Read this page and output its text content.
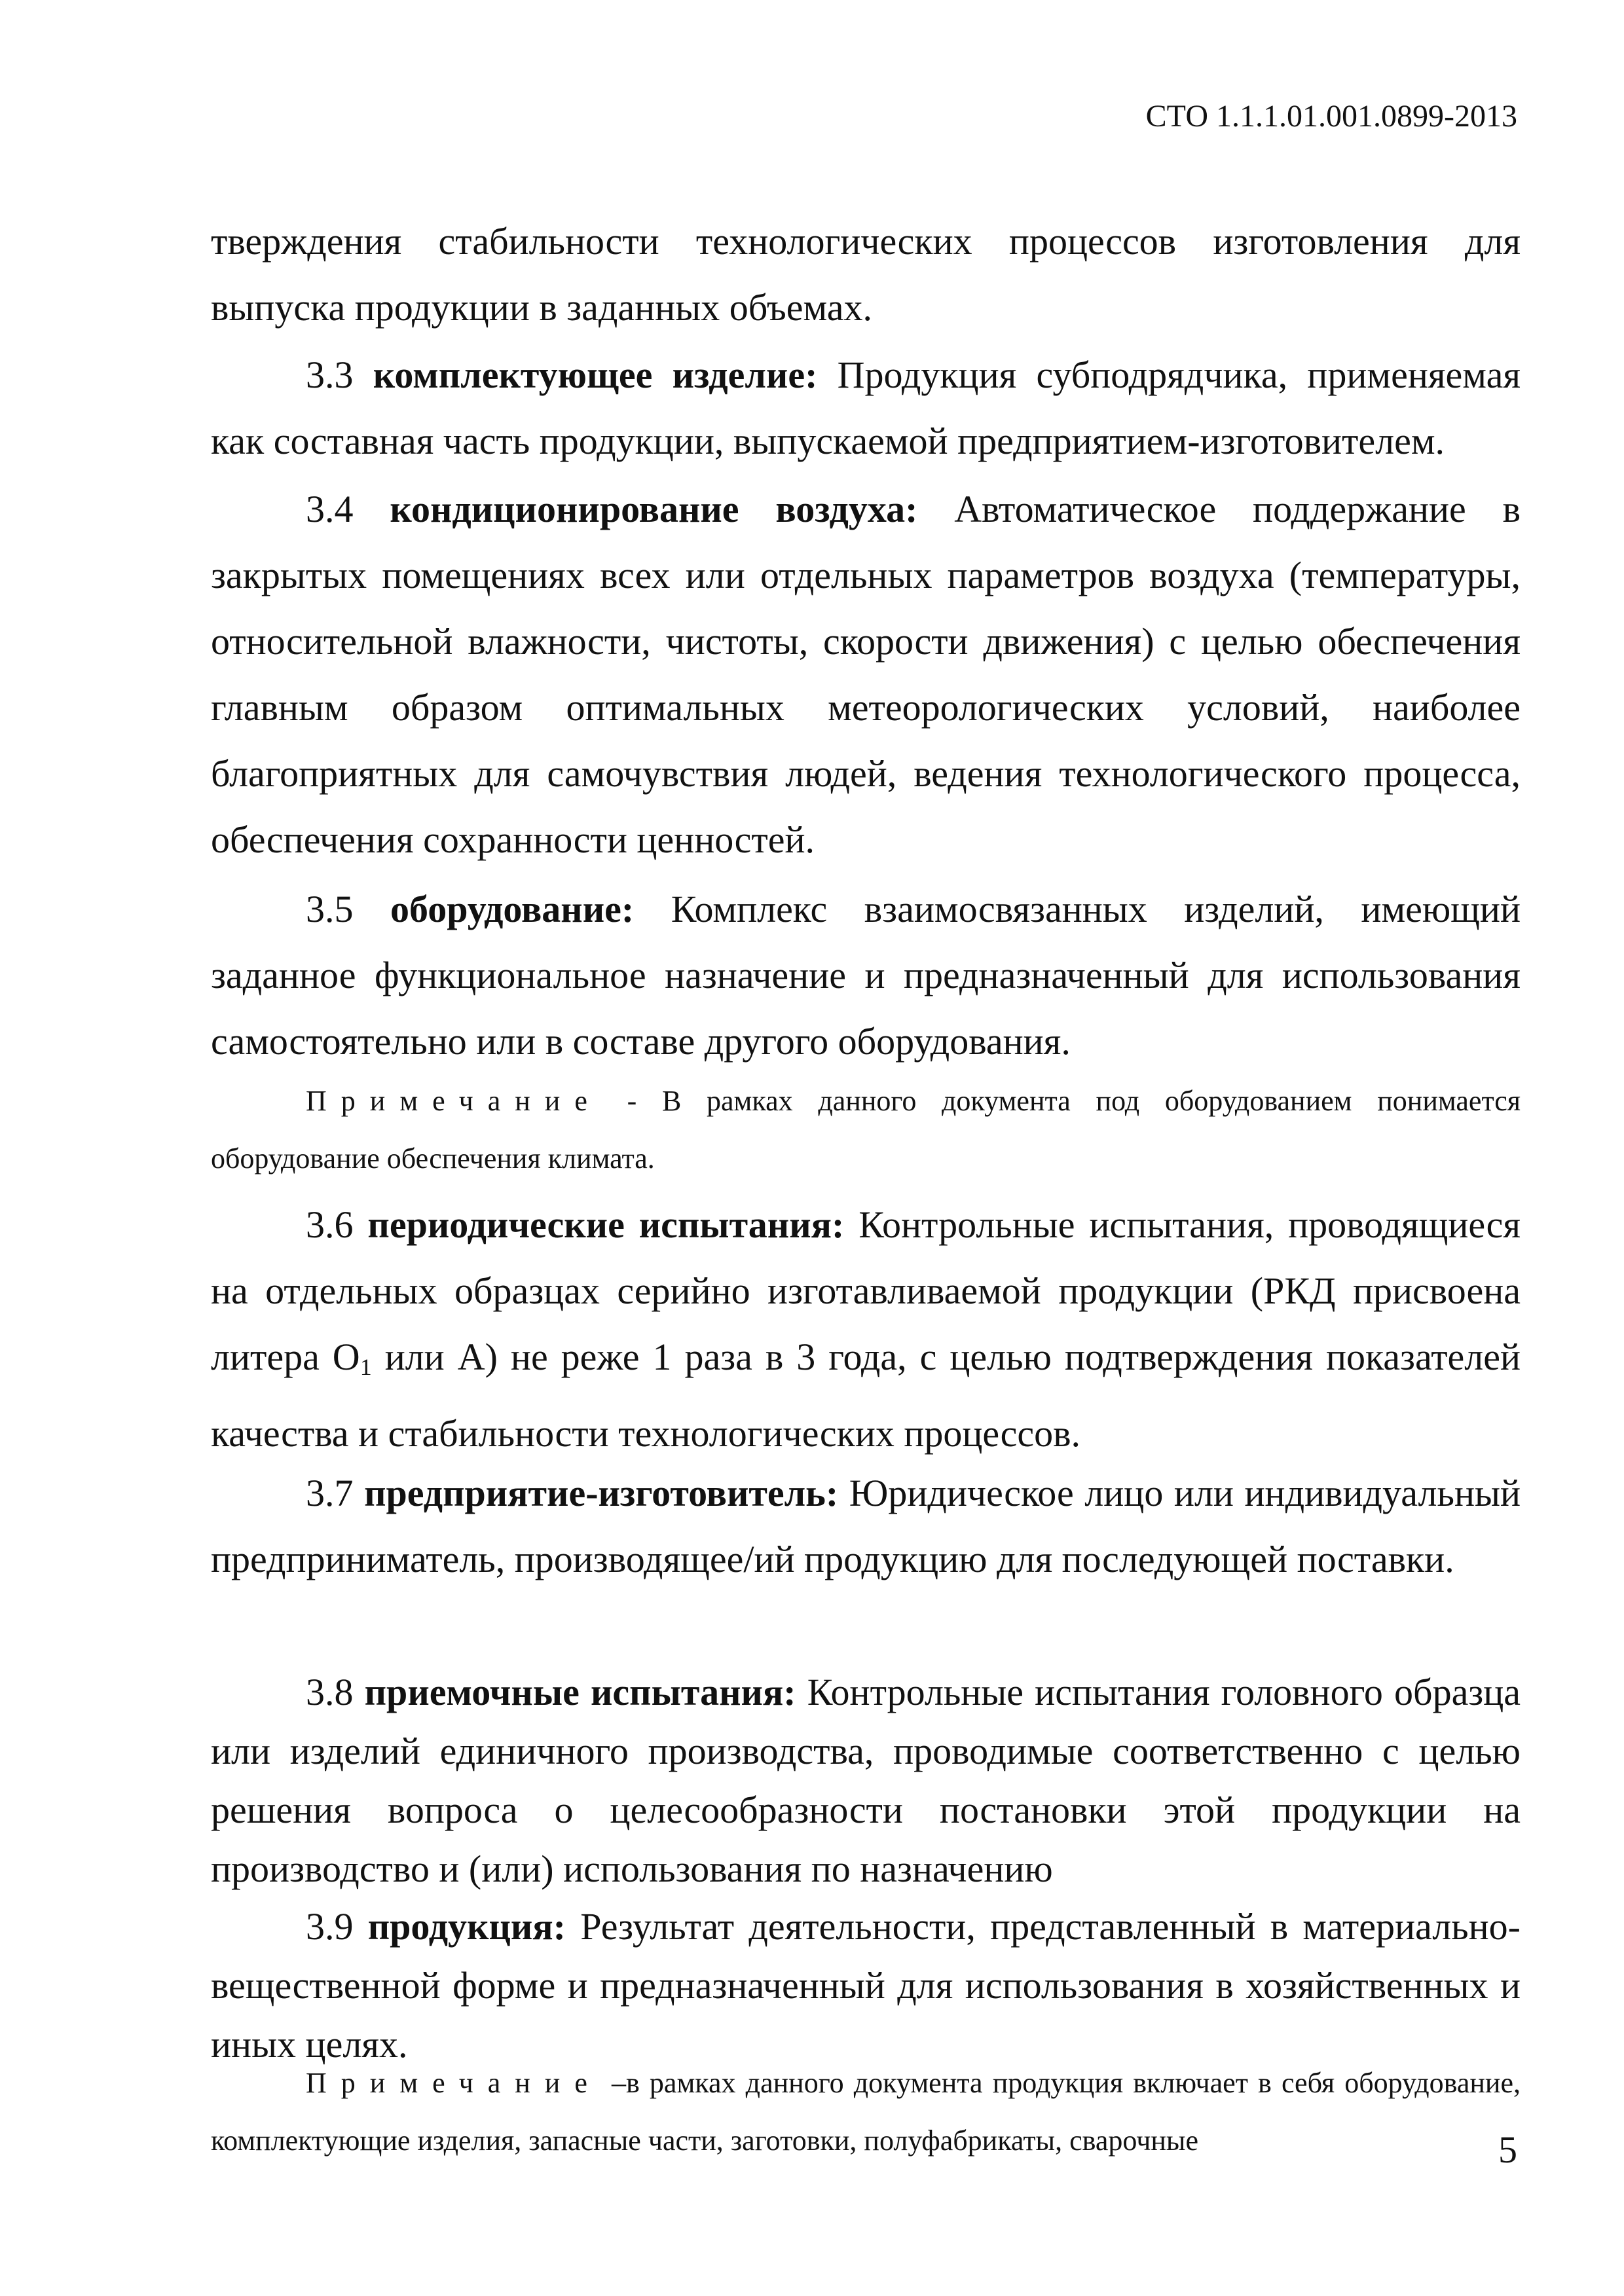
СТО 1.1.1.01.001.0899-2013

тверждения стабильности технологических процессов изготовления для выпуска продукции в заданных объемах.

3.3 комплектующее изделие: Продукция субподрядчика, применяемая как составная часть продукции, выпускаемой предприятием-изготовителем.

3.4 кондиционирование воздуха: Автоматическое поддержание в закрытых помещениях всех или отдельных параметров воздуха (температуры, относительной влажности, чистоты, скорости движения) с целью обеспечения главным образом оптимальных метеорологических условий, наиболее благоприятных для самочувствия людей, ведения технологического процесса, обеспечения сохранности ценностей.

3.5 оборудование: Комплекс взаимосвязанных изделий, имеющий заданное функциональное назначение и предназначенный для использования самостоятельно или в составе другого оборудования.

Примечание - В рамках данного документа под оборудованием понимается оборудование обеспечения климата.

3.6 периодические испытания: Контрольные испытания, проводящиеся на отдельных образцах серийно изготавливаемой продукции (РКД присвоена литера $О_1$ или А) не реже 1 раза в 3 года, с целью подтверждения показателей качества и стабильности технологических процессов.

3.7 предприятие-изготовитель: Юридическое лицо или индивидуальный предприниматель, производящее/ий продукцию для последующей поставки.

3.8 приемочные испытания: Контрольные испытания головного образца или изделий единичного производства, проводимые соответственно с целью решения вопроса о целесообразности постановки этой продукции на производство и (или) использования по назначению

3.9 продукция: Результат деятельности, представленный в материально-вещественной форме и предназначенный для использования в хозяйственных и иных целях.

Примечание –в рамках данного документа продукция включает в себя оборудование, комплектующие изделия, запасные части, заготовки, полуфабрикаты, сварочные	5
